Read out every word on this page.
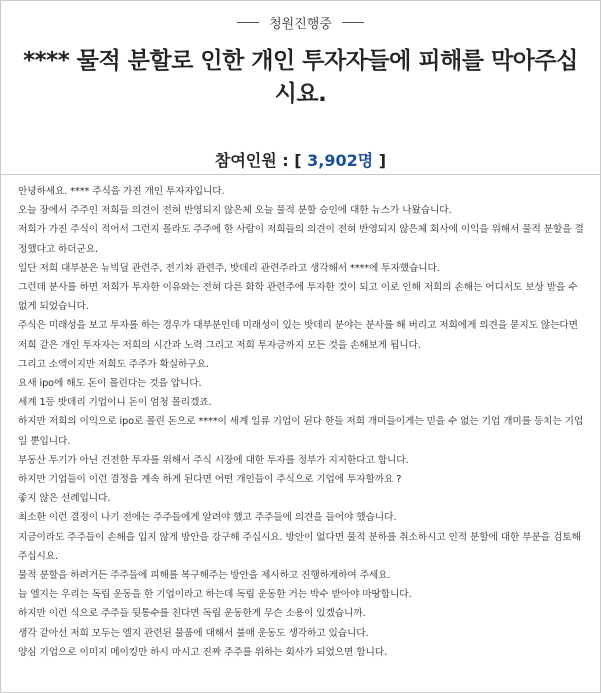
청원진행중
**** 물적 분할로 인한 개인 투자자들에 피해를 막아주십시요.
참여인원 : [ 3,902명 ]

안녕하세요. **** 주식을 가진 개인 투자자입니다.

오늘 장에서 주주인 저희들 의견이 전혀 반영되지 않은체 오늘 물적 분할 승인에 대한 뉴스가 나왔습니다.

저희가 가진 주식이 적어서 그런지 몰라도 주주에 한 사람이 저희들의 의견이 전혀 반영되지 않은체 회사에 이익을 위해서 물적 분할을 결정했다고 하더군요.

일단 저희 대부분은 뉴빅딜 관련주, 전기차 관련주, 밧데리 관련주라고 생각해서 ****에 투자했습니다.

그런데 분사를 하면 저희가 투자한 이유와는 전혀 다른 화학 관련주에 투자한 것이 되고 이로 인해 저희의 손해는 어디서도 보상 받을 수 없게 되었습니다.

주식은 미래성을 보고 투자를 하는 경우가 대부분인데 미래성이 있는 밧데리 분야는 분사를 해 버리고 저희에게 의견을 묻지도 않는다면 저희 같은 개인 투자자는 저희의 시간과 노력 그리고 저희 투자금까지 모든 것을 손해보게 됩니다.

그리고 소액이지만 저희도 주주가 확실하구요.

요새 ipo에 해도 돈이 몰린다는 것을 압니다.

세계 1등 밧데리 기업이니 돈이 엄청 몰리겠죠.

하지만 저희의 이익으로 ipo로 몰린 돈으로 ****이 세계 일류 기업이 된다 한들 저희 개미들이게는 믿을 수 없는 기업 개미를 등치는 기업일 뿐입니다.

부동산 투기가 아닌 건전한 투자를 위해서 주식 시장에 대한 투자를 정부가 지지한다고 합니다.

하지만 기업들이 이런 결정을 계속 하게 된다면 어떤 개인들이 주식으로 기업에 투자할까요 ?

좋지 않은 선례입니다.

최소한 이런 결정이 나기 전에는 주주들에게 알려야 했고 주주들에 의견을 들어야 했습니다.

지금이라도 주주들이 손해을 입지 않게 방안을 강구해 주십시요. 방안이 없다면 물적 분하를 취소하시고 인적 분할에 대한 부분을 검토해 주십시요.

물적 분할을 하려거든 주주들에 피해를 복구해주는 방안을 제시하고 진행하게하여 주세요.

늘 엘지는 우리는 독립 운동을 한 기업이라고 하는데 독립 운동한 거는 박수 받아야 마땅합니다.

하지만 이런 식으로 주주들 뒷통수를 친다면 독립 운동한게 무슨 소용이 있겠습니까.

생각 같아선 저희 모두는 엘지 관련된 물품에 대해서 불매 운동도 생각하고 있습니다.

양심 기업으로 이미지 메이킹만 하시 마시고 진짜 주주를 위하는 회사가 되었으면 합니다.
